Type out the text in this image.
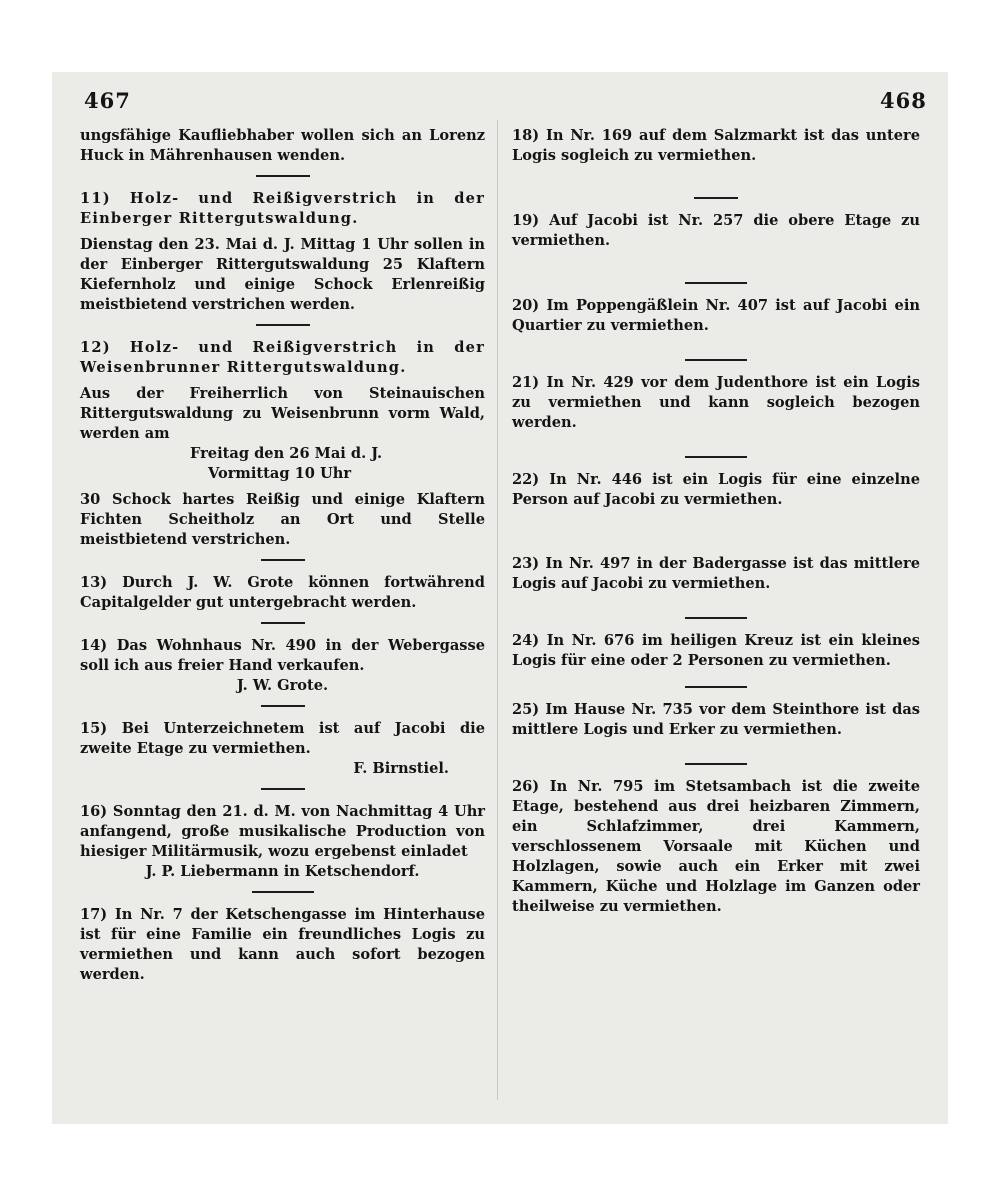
467	468

ungsfähige Kaufliebhaber wollen sich an Lorenz Huck in Mährenhausen wenden.

11) Holz- und Reißigverstrich in der Einberger Rittergutswaldung.

Dienstag den 23. Mai d. J. Mittag 1 Uhr sollen in der Einberger Rittergutswaldung 25 Klaftern Kiefernholz und einige Schock Erlenreißig meistbietend verstrichen werden.

12) Holz- und Reißigverstrich in der Weisenbrunner Rittergutswaldung.

Aus der Freiherrlich von Steinauischen Rittergutswaldung zu Weisenbrunn vorm Wald, werden am

Freitag den 26 Mai d. J.

Vormittag 10 Uhr

30 Schock hartes Reißig und einige Klaftern Fichten Scheitholz an Ort und Stelle meistbietend verstrichen.

13) Durch J. W. Grote können fortwährend Capitalgelder gut untergebracht werden.

14) Das Wohnhaus Nr. 490 in der Webergasse soll ich aus freier Hand verkaufen.

J. W. Grote.

15) Bei Unterzeichnetem ist auf Jacobi die zweite Etage zu vermiethen.

F. Birnstiel.

16) Sonntag den 21. d. M. von Nachmittag 4 Uhr anfangend, große musikalische Production von hiesiger Militärmusik, wozu ergebenst einladet

J. P. Liebermann in Ketschendorf.

17) In Nr. 7 der Ketschengasse im Hinterhause ist für eine Familie ein freundliches Logis zu vermiethen und kann auch sofort bezogen werden.

18) In Nr. 169 auf dem Salzmarkt ist das untere Logis sogleich zu vermiethen.

19) Auf Jacobi ist Nr. 257 die obere Etage zu vermiethen.

20) Im Poppengäßlein Nr. 407 ist auf Jacobi ein Quartier zu vermiethen.

21) In Nr. 429 vor dem Judenthore ist ein Logis zu vermiethen und kann sogleich bezogen werden.

22) In Nr. 446 ist ein Logis für eine einzelne Person auf Jacobi zu vermiethen.

23) In Nr. 497 in der Badergasse ist das mittlere Logis auf Jacobi zu vermiethen.

24) In Nr. 676 im heiligen Kreuz ist ein kleines Logis für eine oder 2 Personen zu vermiethen.

25) Im Hause Nr. 735 vor dem Steinthore ist das mittlere Logis und Erker zu vermiethen.

26) In Nr. 795 im Stetsambach ist die zweite Etage, bestehend aus drei heizbaren Zimmern, ein Schlafzimmer, drei Kammern, verschlossenem Vorsaale mit Küchen und Holzlagen, sowie auch ein Erker mit zwei Kammern, Küche und Holzlage im Ganzen oder theilweise zu vermiethen.
